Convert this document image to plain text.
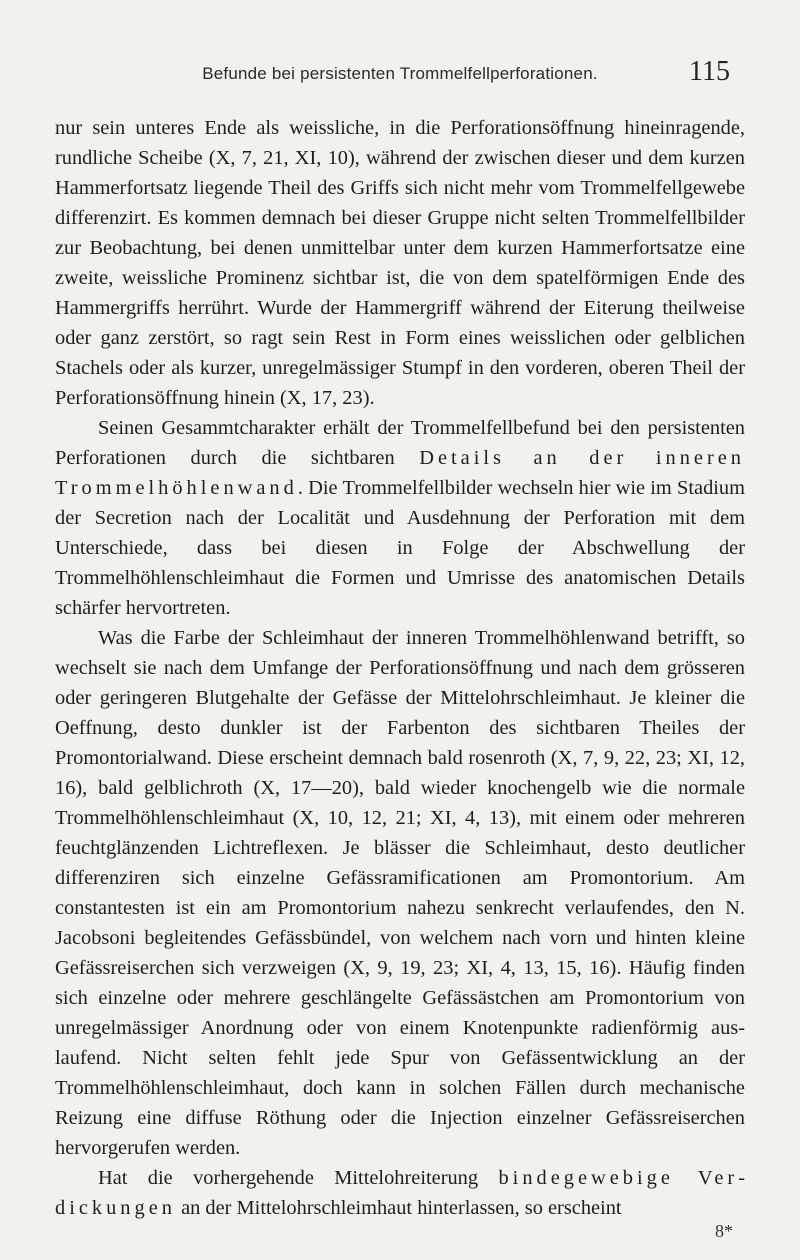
Befunde bei persistenten Trommelfellperforationen.	115

nur sein unteres Ende als weissliche, in die Perforationsöffnung hineinragende, rundliche Scheibe (X, 7, 21, XI, 10), während der zwischen dieser und dem kurzen Hammerfortsatz liegende Theil des Griffs sich nicht mehr vom Trommelfellgewebe differenzirt. Es kommen demnach bei dieser Gruppe nicht selten Trommelfellbilder zur Beobachtung, bei denen unmittelbar unter dem kurzen Hammerfortsatze eine zweite, weissliche Prominenz sichtbar ist, die von dem spatelförmigen Ende des Hammergriffs herrührt. Wurde der Hammergriff während der Eiterung theilweise oder ganz zerstört, so ragt sein Rest in Form eines weisslichen oder gelblichen Stachels oder als kurzer, unregelmässiger Stumpf in den vorderen, oberen Theil der Perforationsöffnung hinein (X, 17, 23).

Seinen Gesammtcharakter erhält der Trommelfellbefund bei den persistenten Perforationen durch die sichtbaren Details an der inneren Trommelhöhlenwand. Die Trommelfellbilder wechseln hier wie im Stadium der Secretion nach der Localität und Ausdehnung der Perforation mit dem Unterschiede, dass bei diesen in Folge der Abschwellung der Trommelhöhlenschleimhaut die Formen und Umrisse des anatomischen Details schärfer hervortreten.

Was die Farbe der Schleimhaut der inneren Trommelhöhlenwand betrifft, so wechselt sie nach dem Umfange der Perforationsöffnung und nach dem grösseren oder geringeren Blutgehalte der Gefässe der Mittelohrschleimhaut. Je kleiner die Oeffnung, desto dunkler ist der Farbenton des sichtbaren Theiles der Promontorialwand. Diese erscheint demnach bald rosenroth (X, 7, 9, 22, 23; XI, 12, 16), bald gelblichroth (X, 17—20), bald wieder knochengelb wie die normale Trommelhöhlenschleimhaut (X, 10, 12, 21; XI, 4, 13), mit einem oder mehreren feuchtglänzenden Lichtreflexen. Je blässer die Schleimhaut, desto deutlicher differenziren sich einzelne Gefässramificationen am Promontorium. Am constantesten ist ein am Promontorium nahezu senkrecht verlaufendes, den N. Jacobsoni begleitendes Gefässbündel, von welchem nach vorn und hinten kleine Gefässreiserchen sich verzweigen (X, 9, 19, 23; XI, 4, 13, 15, 16). Häufig finden sich einzelne oder mehrere geschlängelte Gefässästchen am Promontorium von unregelmässiger Anordnung oder von einem Knotenpunkte radienförmig auslaufend. Nicht selten fehlt jede Spur von Gefässentwicklung an der Trommelhöhlenschleimhaut, doch kann in solchen Fällen durch mechanische Reizung eine diffuse Röthung oder die Injection einzelner Gefässreiserchen hervorgerufen werden.

Hat die vorhergehende Mittelohreiterung bindegewebige Verdickungen an der Mittelohrschleimhaut hinterlassen, so erscheint

8*
